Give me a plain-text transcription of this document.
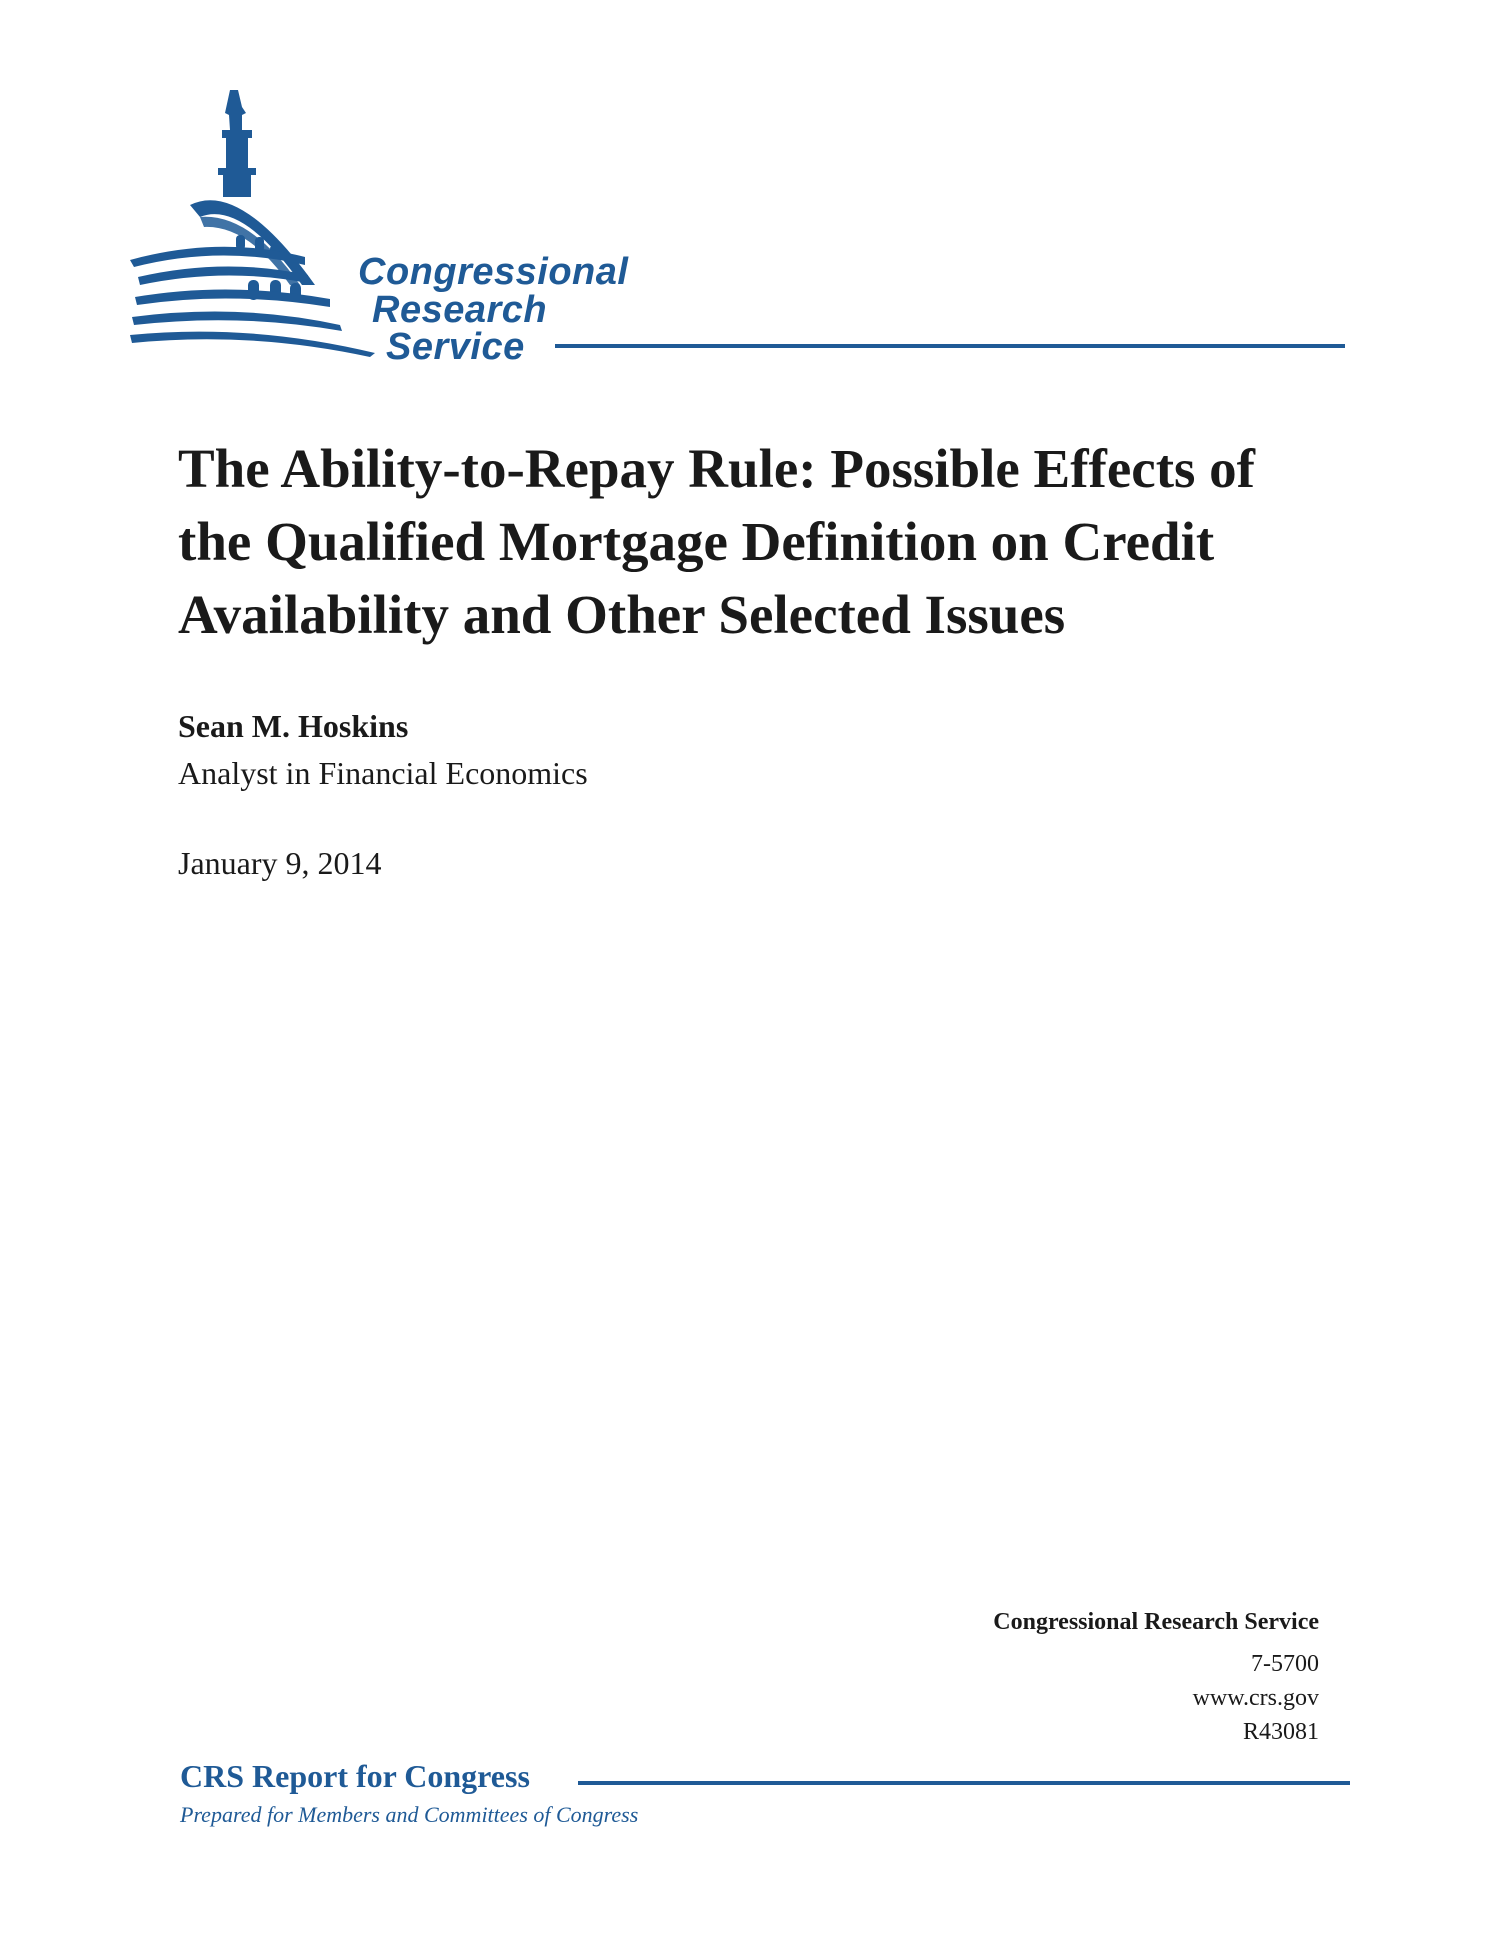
Congressional
Research
Service
The Ability-to-Repay Rule: Possible Effects of
the Qualified Mortgage Definition on Credit
Availability and Other Selected Issues
Sean M. Hoskins
Analyst in Financial Economics
January 9, 2014
Congressional Research Service
7-5700
www.crs.gov
R43081
CRS Report for Congress
Prepared for Members and Committees of Congress
